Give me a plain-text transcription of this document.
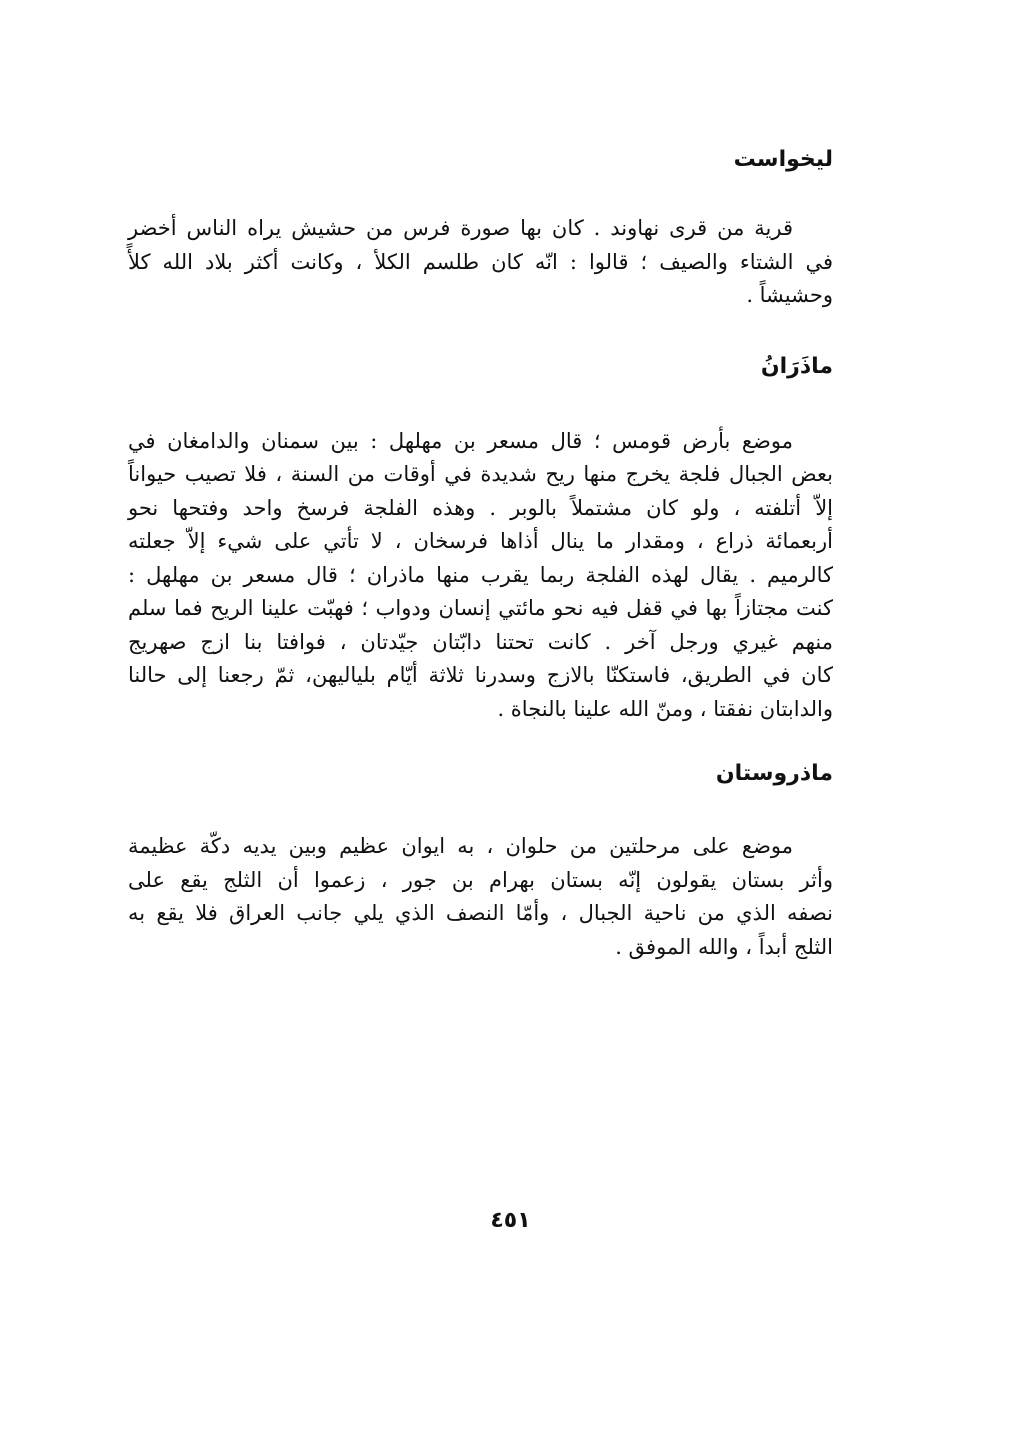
ليخواست
قرية من قرى نهاوند . كان بها صورة فرس من حشيش يراه الناس أخضر
في الشتاء والصيف ؛ قالوا : انّه كان طلسم الكلأ ، وكانت أكثر بلاد الله كلأً
وحشيشاً .
ماذَرَانُ
موضع بأرض قومس ؛ قال مسعر بن مهلهل : بين سمنان والدامغان في
بعض الجبال فلجة يخرج منها ريح شديدة في أوقات من السنة ، فلا تصيب حيواناً
إلاّ أتلفته ، ولو كان مشتملاً بالوبر . وهذه الفلجة فرسخ واحد وفتحها نحو
أربعمائة ذراع ، ومقدار ما ينال أذاها فرسخان ، لا تأتي على شيء إلاّ جعلته
كالرميم . يقال لهذه الفلجة ربما يقرب منها ماذران ؛ قال مسعر بن مهلهل :
كنت مجتازاً بها في قفل فيه نحو مائتي إنسان ودواب ؛ فهبّت علينا الريح فما سلم
منهم غيري ورجل آخر . كانت تحتنا دابّتان جيّدتان ، فوافتا بنا ازج صهريج
كان في الطريق، فاستكنّا بالازج وسدرنا ثلاثة أيّام بلياليهن، ثمّ رجعنا إلى حالنا
والدابتان نفقتا ، ومنّ الله علينا بالنجاة .
ماذروستان
موضع على مرحلتين من حلوان ، به ايوان عظيم وبين يديه دكّة عظيمة
وأثر بستان يقولون إنّه بستان بهرام بن جور ، زعموا أن الثلج يقع على
نصفه الذي من ناحية الجبال ، وأمّا النصف الذي يلي جانب العراق فلا يقع به
الثلج أبداً ، والله الموفق .
٤٥١
